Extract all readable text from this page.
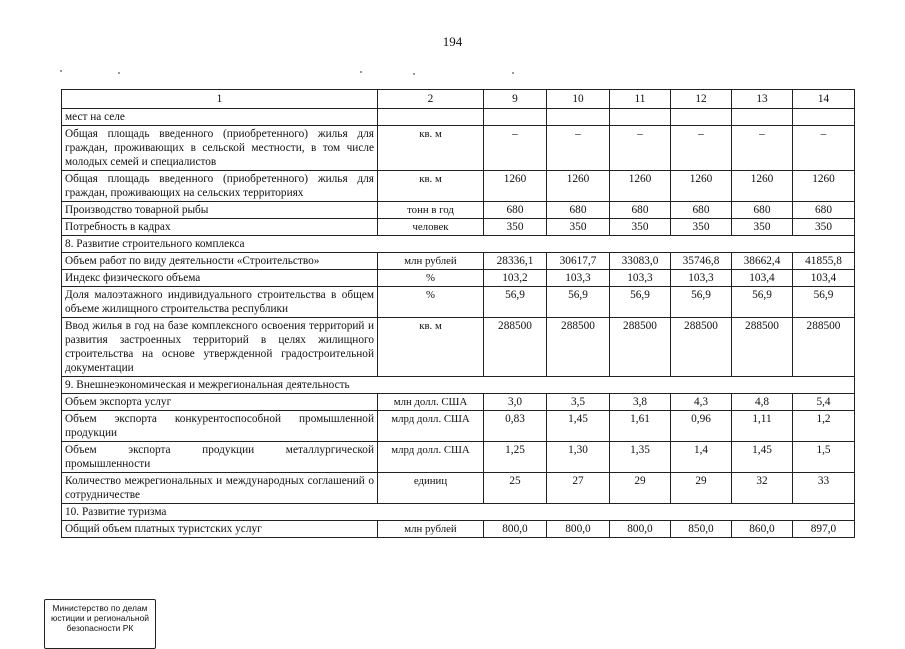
194
1	2	9	10	11	12	13	14
мест на селе							
Общая площадь введенного (приобретенного) жилья для граждан, проживающих в сельской местности, в том числе молодых семей и специалистов	кв. м	–	–	–	–	–	–
Общая площадь введенного (приобретенного) жилья для граждан, проживающих на сельских территориях	кв. м	1260	1260	1260	1260	1260	1260
Производство товарной рыбы	тонн в год	680	680	680	680	680	680
Потребность в кадрах	человек	350	350	350	350	350	350
8. Развитие строительного комплекса							
Объем работ по виду деятельности «Строительство»	млн рублей	28336,1	30617,7	33083,0	35746,8	38662,4	41855,8
Индекс физического объема	%	103,2	103,3	103,3	103,3	103,4	103,4
Доля малоэтажного индивидуального строительства в общем объеме жилищного строительства республики	%	56,9	56,9	56,9	56,9	56,9	56,9
Ввод жилья в год на базе комплексного освоения территорий и развития застроенных территорий в целях жилищного строительства на основе утвержденной градостроительной документации	кв. м	288500	288500	288500	288500	288500	288500
9. Внешнеэкономическая и межрегиональная деятельность							
Объем экспорта услуг	млн долл. США	3,0	3,5	3,8	4,3	4,8	5,4
Объем экспорта конкурентоспособной промышленной продукции	млрд долл. США	0,83	1,45	1,61	0,96	1,11	1,2
Объем экспорта продукции металлургической промышленности	млрд долл. США	1,25	1,30	1,35	1,4	1,45	1,5
Количество межрегиональных и международных соглашений о сотрудничестве	единиц	25	27	29	29	32	33
10. Развитие туризма							
Общий объем платных туристских услуг	млн рублей	800,0	800,0	800,0	850,0	860,0	897,0
Министерство по делам юстиции и региональной безопасности РК
